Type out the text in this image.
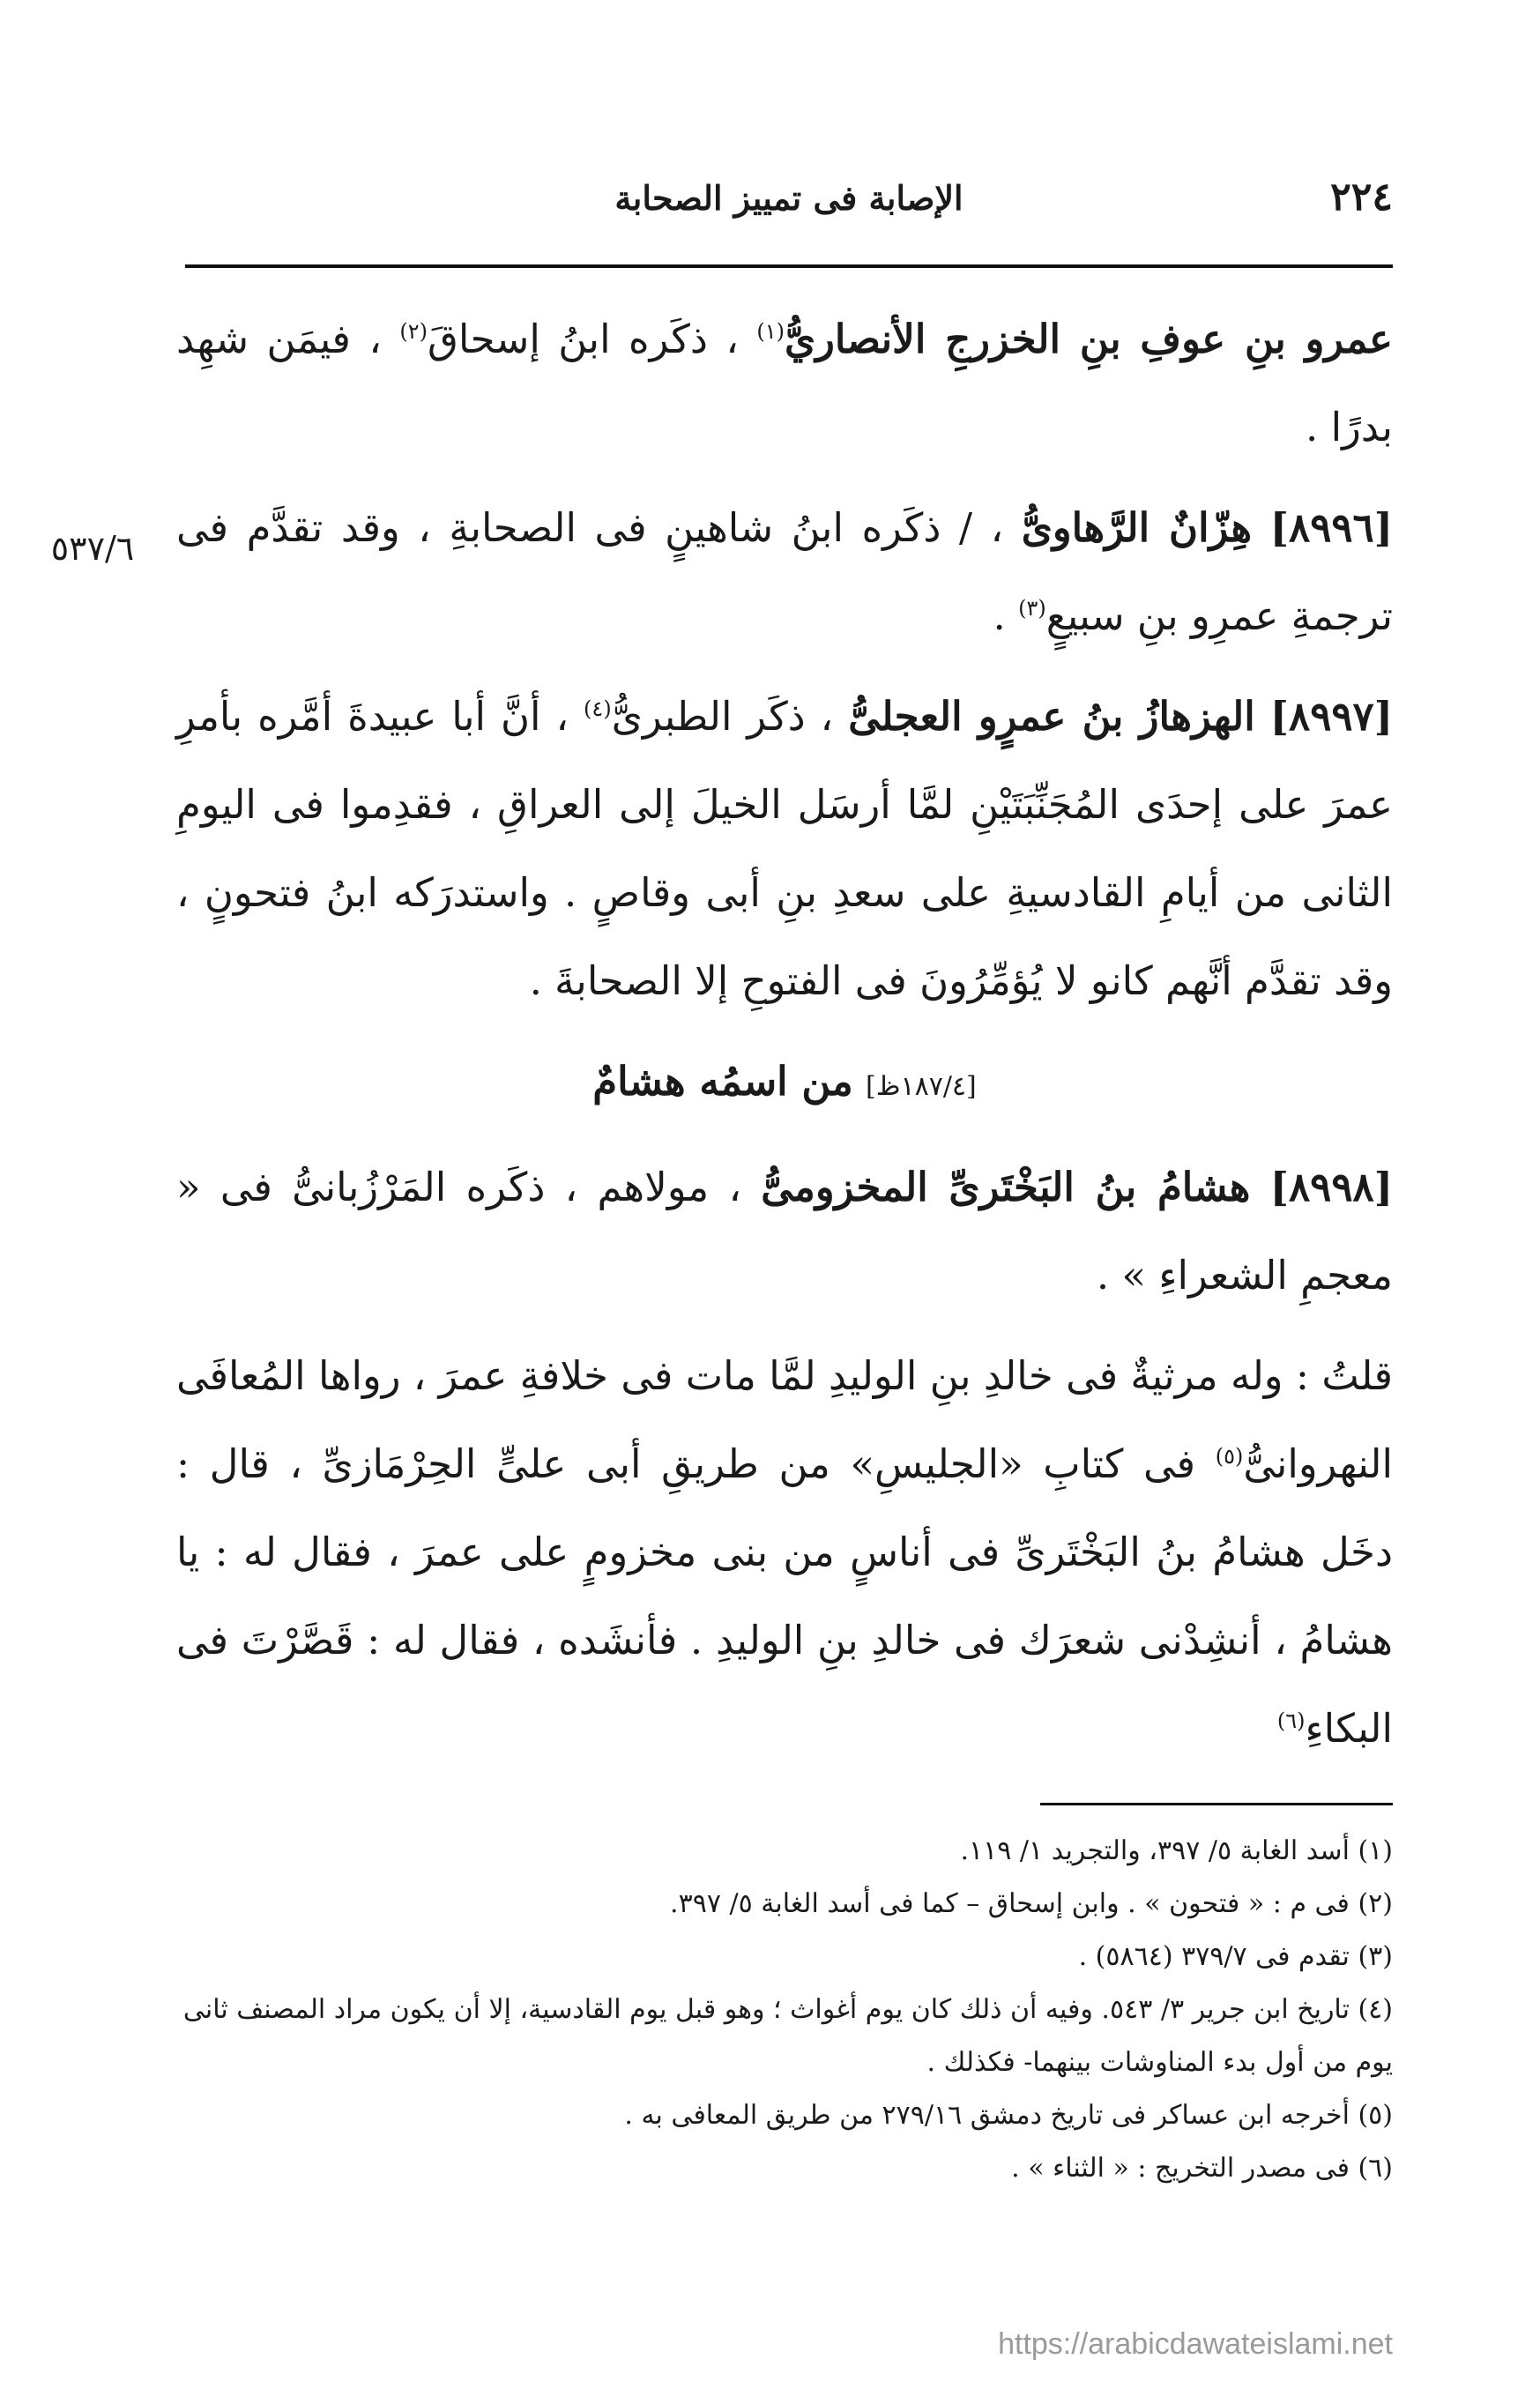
٢٢٤
الإصابة فى تمييز الصحابة
٥٣٧/٦

عمرو بنِ عوفِ بنِ الخزرجِ الأنصاريُّ$^{(١)}$ ، ذكَره ابنُ إسحاقَ$^{(٢)}$ ، فيمَن شهِد بدرًا .

[٨٩٩٦] هِزّانٌ الرَّهاوىُّ ، / ذكَره ابنُ شاهينٍ فى الصحابةِ ، وقد تقدَّم فى ترجمةِ عمرِو بنِ سبيعٍ$^{(٣)}$ .

[٨٩٩٧] الهزهازُ بنُ عمرٍو العجلىُّ ، ذكَر الطبرىُّ$^{(٤)}$ ، أنَّ أبا عبيدةَ أمَّره بأمرِ عمرَ على إحدَى المُجَنِّبَتَيْنِ لمَّا أرسَل الخيلَ إلى العراقِ ، فقدِموا فى اليومِ الثانى من أيامِ القادسيةِ على سعدِ بنِ أبى وقاصٍ . واستدرَكه ابنُ فتحونٍ ، وقد تقدَّم أنَّهم كانو لا يُؤمِّرُونَ فى الفتوحِ إلا الصحابةَ .

[١٨٧/٤ظ] من اسمُه هشامٌ

[٨٩٩٨] هشامُ بنُ البَخْتَرىِّ المخزومىُّ ، مولاهم ، ذكَره المَرْزُبانىُّ فى « معجمِ الشعراءِ » .

قلتُ : وله مرثيةٌ فى خالدِ بنِ الوليدِ لمَّا مات فى خلافةِ عمرَ ، رواها المُعافَى النهروانىُّ$^{(٥)}$ فى كتابِ «الجليسِ» من طريقِ أبى علىٍّ الحِرْمَازىِّ ، قال : دخَل هشامُ بنُ البَخْتَرىِّ فى أناسٍ من بنى مخزومٍ على عمرَ ، فقال له : يا هشامُ ، أنشِدْنى شعرَك فى خالدِ بنِ الوليدِ . فأنشَده ، فقال له : قَصَّرْتَ فى البكاءِ$^{(٦)}$

(١) أسد الغابة ٥/ ٣٩٧، والتجريد ١/ ١١٩.
(٢) فى م : « فتحون » . وابن إسحاق – كما فى أسد الغابة ٥/ ٣٩٧.
(٣) تقدم فى ٣٧٩/٧ (٥٨٦٤) .
(٤) تاريخ ابن جرير ٣/ ٥٤٣. وفيه أن ذلك كان يوم أغواث ؛ وهو قبل يوم القادسية، إلا أن يكون مراد المصنف ثانى يوم من أول بدء المناوشات بينهما- فكذلك .
(٥) أخرجه ابن عساكر فى تاريخ دمشق ٢٧٩/١٦ من طريق المعافى به .
(٦) فى مصدر التخريج : « الثناء » .
https://arabicdawateislami.net
